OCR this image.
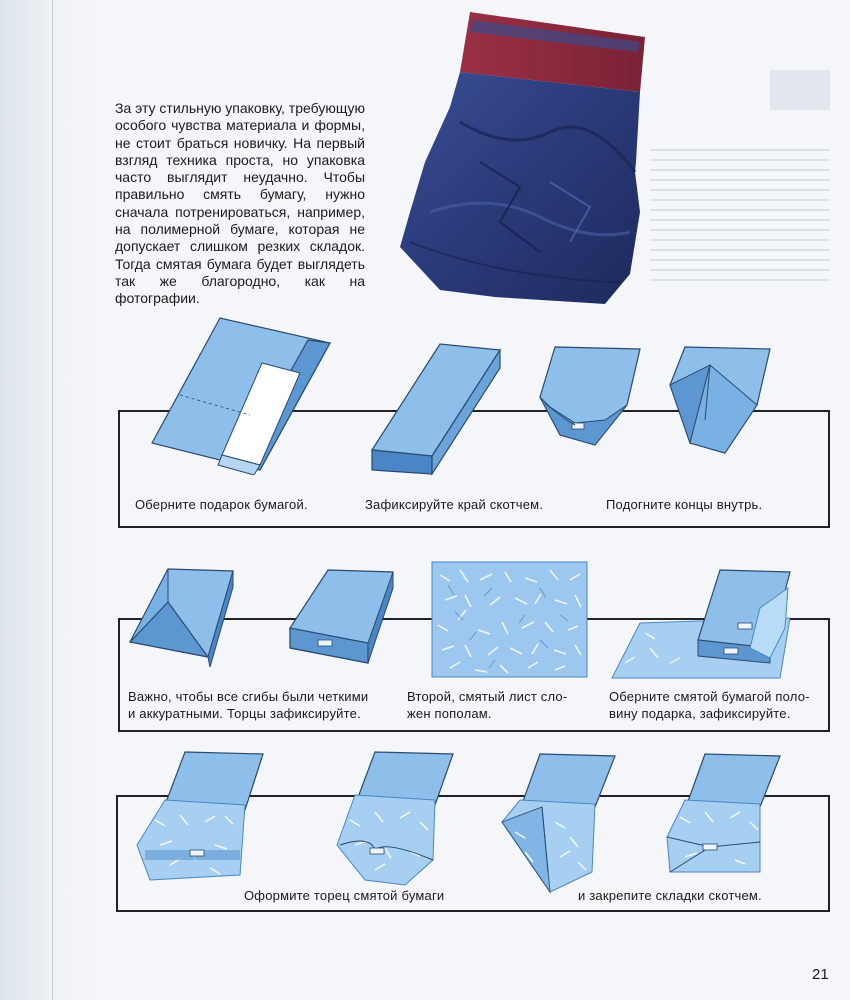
За эту стильную упаковку, требующую особого чувства материала и формы, не стоит браться новичку. На первый взгляд техника проста, но упаковка часто выглядит неудачно. Чтобы правильно смять бумагу, нужно сначала потренироваться, например, на полимерной бумаге, которая не допускает слишком резких складок. Тогда смятая бумага будет выглядеть так же благородно, как на фотографии.

Оберните подарок бумагой.	Зафиксируйте край скотчем.	Подогните концы внутрь.
Важно, чтобы все сгибы были четкими
и аккуратными. Торцы зафиксируйте.
Второй, смятый лист сло-
жен пополам.
Оберните смятой бумагой поло-
вину подарка, зафиксируйте.
Оформите торец смятой бумаги	и закрепите складки скотчем.
21
